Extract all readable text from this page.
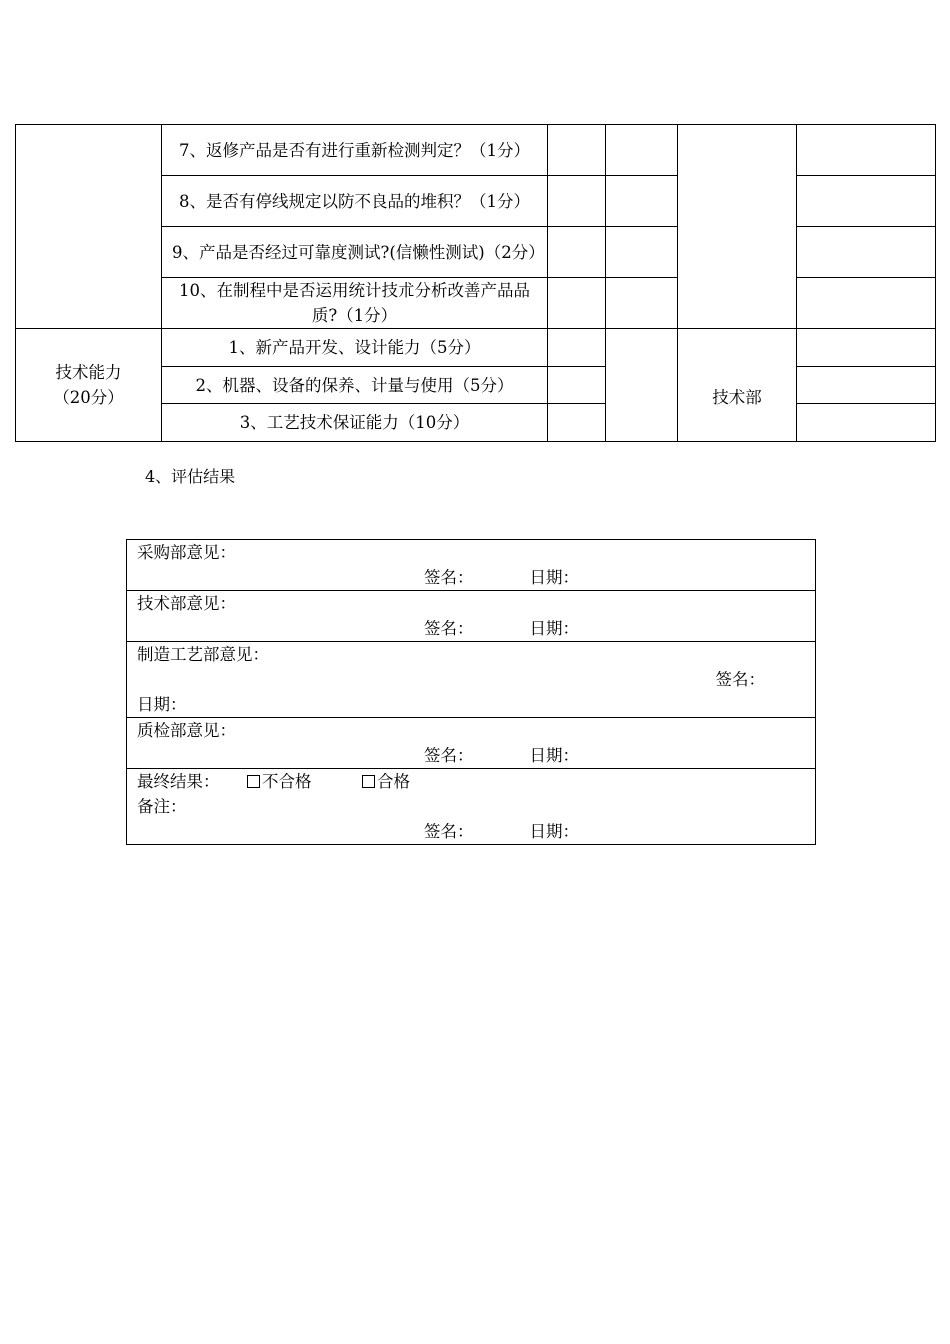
	7、返修产品是否有进行重新检测判定？（1分）				
	8、是否有停线规定以防不良品的堆积？（1分）				
	9、产品是否经过可靠度测试?(信懒性测试)（2分）				
	10、在制程中是否运用统计技朮分析改善产品品质?（1分）				

技术能力
（20分）	1、新产品开发、设计能力（5分）			技术部	
	2、机器、设备的保养、计量与使用（5分）				
	3、工艺技术保证能力（10分）				
4、评估结果
采购部意见：
签名：	日期：

技术部意见：
签名：	日期：

制造工艺部意见：
签名：
日期：

质检部意见：
签名：	日期：

最终结果：	不合格	合格
备注：
签名：	日期：
